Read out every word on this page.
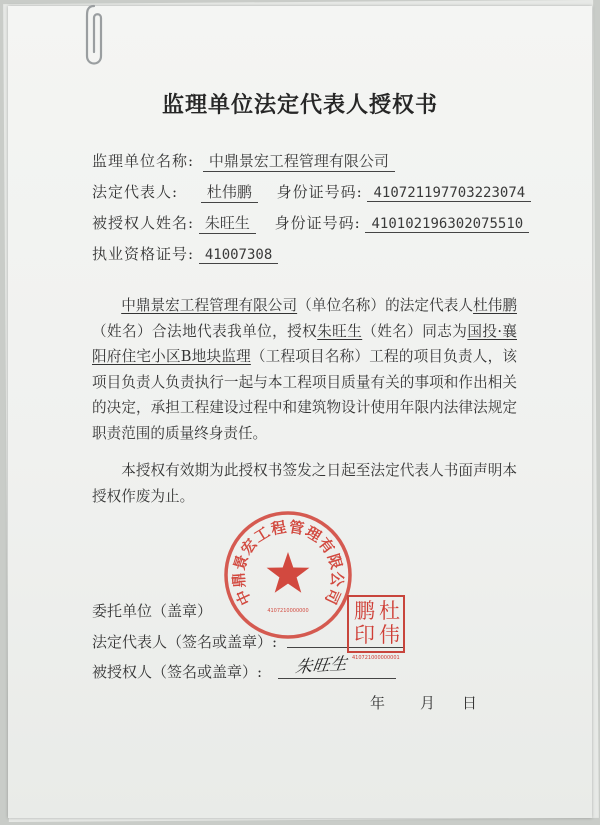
监理单位法定代表人授权书
监理单位名称: 中鼎景宏工程管理有限公司
法定代表人: 杜伟鹏 身份证号码: 410721197703223074
被授权人姓名: 朱旺生 身份证号码: 410102196302075510
执业资格证号: 41007308

中鼎景宏工程管理有限公司（单位名称）的法定代表人杜伟鹏（姓名）合法地代表我单位，授权朱旺生（姓名）同志为国投·襄阳府住宅小区B地块监理（工程项目名称）工程的项目负责人，该项目负责人负责执行一起与本工程项目质量有关的事项和作出相关的决定，承担工程建设过程中和建筑物设计使用年限内法律法规定职责范围的质量终身责任。

本授权有效期为此授权书签发之日起至法定代表人书面声明本授权作废为止。

委托单位（盖章）
法定代表人（签名或盖章）:
被授权人（签名或盖章）: 朱旺生
年 月 日
中鼎景宏工程管理有限公司
4107210000000	杜
伟
鹏
印
410721000000001
